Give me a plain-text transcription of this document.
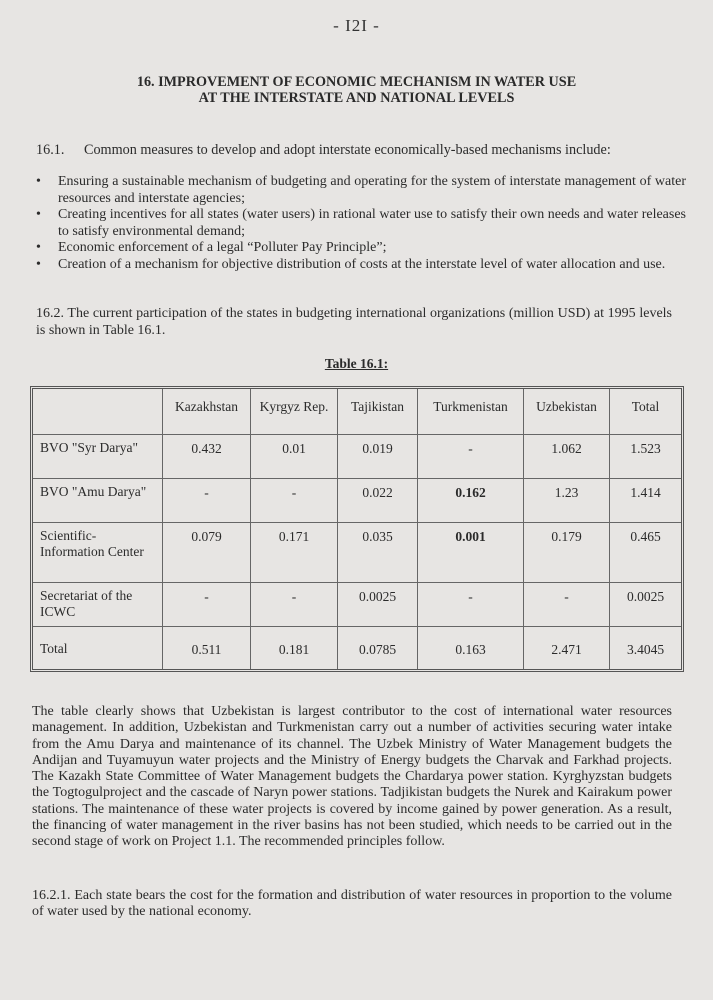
- I2I -
16. IMPROVEMENT OF ECONOMIC MECHANISM IN WATER USE
AT THE INTERSTATE AND NATIONAL LEVELS
16.1. Common measures to develop and adopt interstate economically-based mechanisms include:
• Ensuring a sustainable mechanism of budgeting and operating for the system of interstate management of water resources and interstate agencies;
• Creating incentives for all states (water users) in rational water use to satisfy their own needs and water releases to satisfy environmental demand;
• Economic enforcement of a legal “Polluter Pay Principle”;
• Creation of a mechanism for objective distribution of costs at the interstate level of water allocation and use.
16.2. The current participation of the states in budgeting international organizations (million USD) at 1995 levels is shown in Table 16.1.
Table 16.1:
	Kazakhstan	Kyrgyz Rep.	Tajikistan	Turkmenistan	Uzbekistan	Total
BVO "Syr Darya"	0.432	0.01	0.019	-	1.062	1.523
BVO "Amu Darya"	-	-	0.022	0.162	1.23	1.414
Scientific-Information Center	0.079	0.171	0.035	0.001	0.179	0.465
Secretariat of the ICWC	-	-	0.0025	-	-	0.0025
Total	0.511	0.181	0.0785	0.163	2.471	3.4045
The table clearly shows that Uzbekistan is largest contributor to the cost of international water resources management. In addition, Uzbekistan and Turkmenistan carry out a number of activities securing water intake from the Amu Darya and maintenance of its channel. The Uzbek Ministry of Water Management budgets the Andijan and Tuyamuyun water projects and the Ministry of Energy budgets the Charvak and Farkhad projects. The Kazakh State Committee of Water Management budgets the Chardarya power station. Kyrghyzstan budgets the Togtogulproject and the cascade of Naryn power stations. Tadjikistan budgets the Nurek and Kairakum power stations. The maintenance of these water projects is covered by income gained by power generation. As a result, the financing of water management in the river basins has not been studied, which needs to be carried out in the second stage of work on Project 1.1. The recommended principles follow.
16.2.1. Each state bears the cost for the formation and distribution of water resources in proportion to the volume of water used by the national economy.
